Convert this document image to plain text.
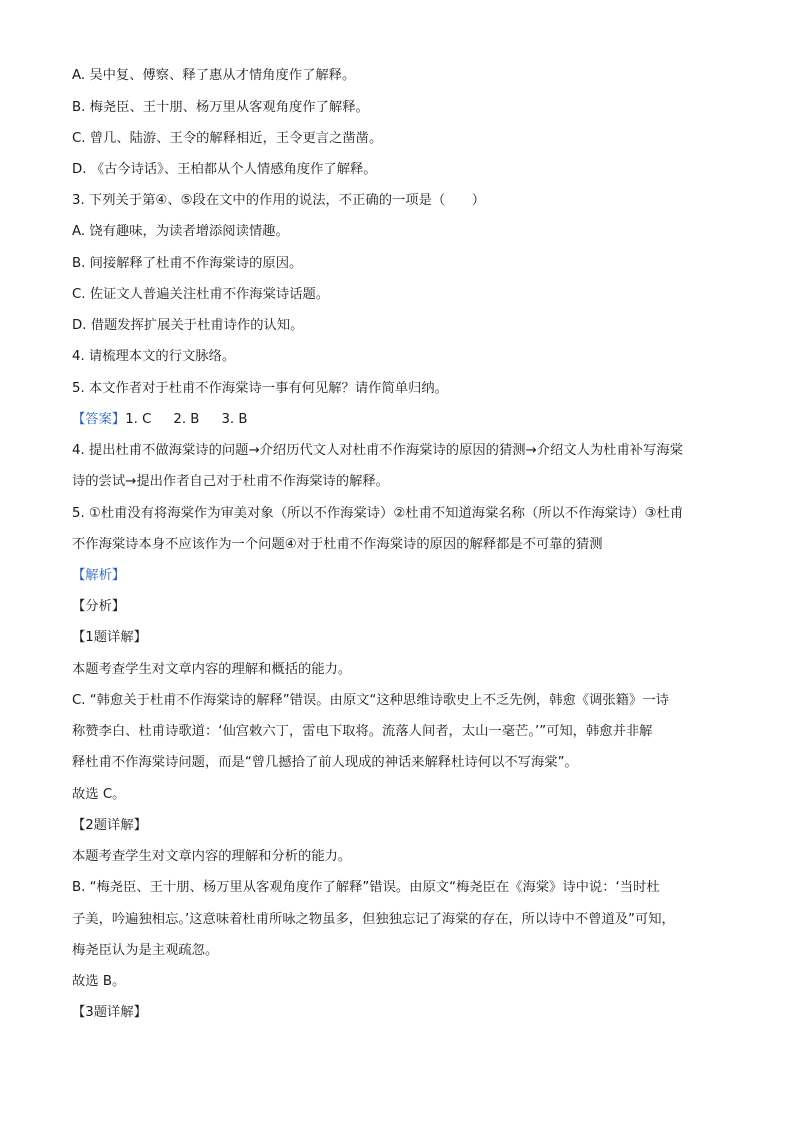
A. 吴中复、傅察、释了惠从才情角度作了解释。
B. 梅尧臣、王十朋、杨万里从客观角度作了解释。
C. 曾几、陆游、王令的解释相近，王令更言之凿凿。
D. 《古今诗话》、王柏都从个人情感角度作了解释。
3. 下列关于第④、⑤段在文中的作用的说法，不正确的一项是（　　）
A. 饶有趣味，为读者增添阅读情趣。
B. 间接解释了杜甫不作海棠诗的原因。
C. 佐证文人普遍关注杜甫不作海棠诗话题。
D. 借题发挥扩展关于杜甫诗作的认知。
4. 请梳理本文的行文脉络。
5. 本文作者对于杜甫不作海棠诗一事有何见解？请作简单归纳。
【答案】1. C 2. B 3. B
4. 提出杜甫不做海棠诗的问题→介绍历代文人对杜甫不作海棠诗的原因的猜测→介绍文人为杜甫补写海棠
诗的尝试→提出作者自己对于杜甫不作海棠诗的解释。
5. ①杜甫没有将海棠作为审美对象（所以不作海棠诗）②杜甫不知道海棠名称（所以不作海棠诗）③杜甫
不作海棠诗本身不应该作为一个问题④对于杜甫不作海棠诗的原因的解释都是不可靠的猜测
【解析】
【分析】
【1题详解】
本题考查学生对文章内容的理解和概括的能力。
C. “韩愈关于杜甫不作海棠诗的解释”错误。由原文“这种思维诗歌史上不乏先例，韩愈《调张籍》一诗
称赞李白、杜甫诗歌道：‘仙宫敕六丁，雷电下取将。流落人间者，太山一毫芒。’”可知，韩愈并非解
释杜甫不作海棠诗问题，而是“曾几撼拾了前人现成的神话来解释杜诗何以不写海棠”。
故选 C。
【2题详解】
本题考查学生对文章内容的理解和分析的能力。
B. “梅尧臣、王十朋、杨万里从客观角度作了解释”错误。由原文“梅尧臣在《海棠》诗中说：‘当时杜
子美，吟遍独相忘。’这意味着杜甫所咏之物虽多，但独独忘记了海棠的存在，所以诗中不曾道及”可知，
梅尧臣认为是主观疏忽。
故选 B。
【3题详解】
